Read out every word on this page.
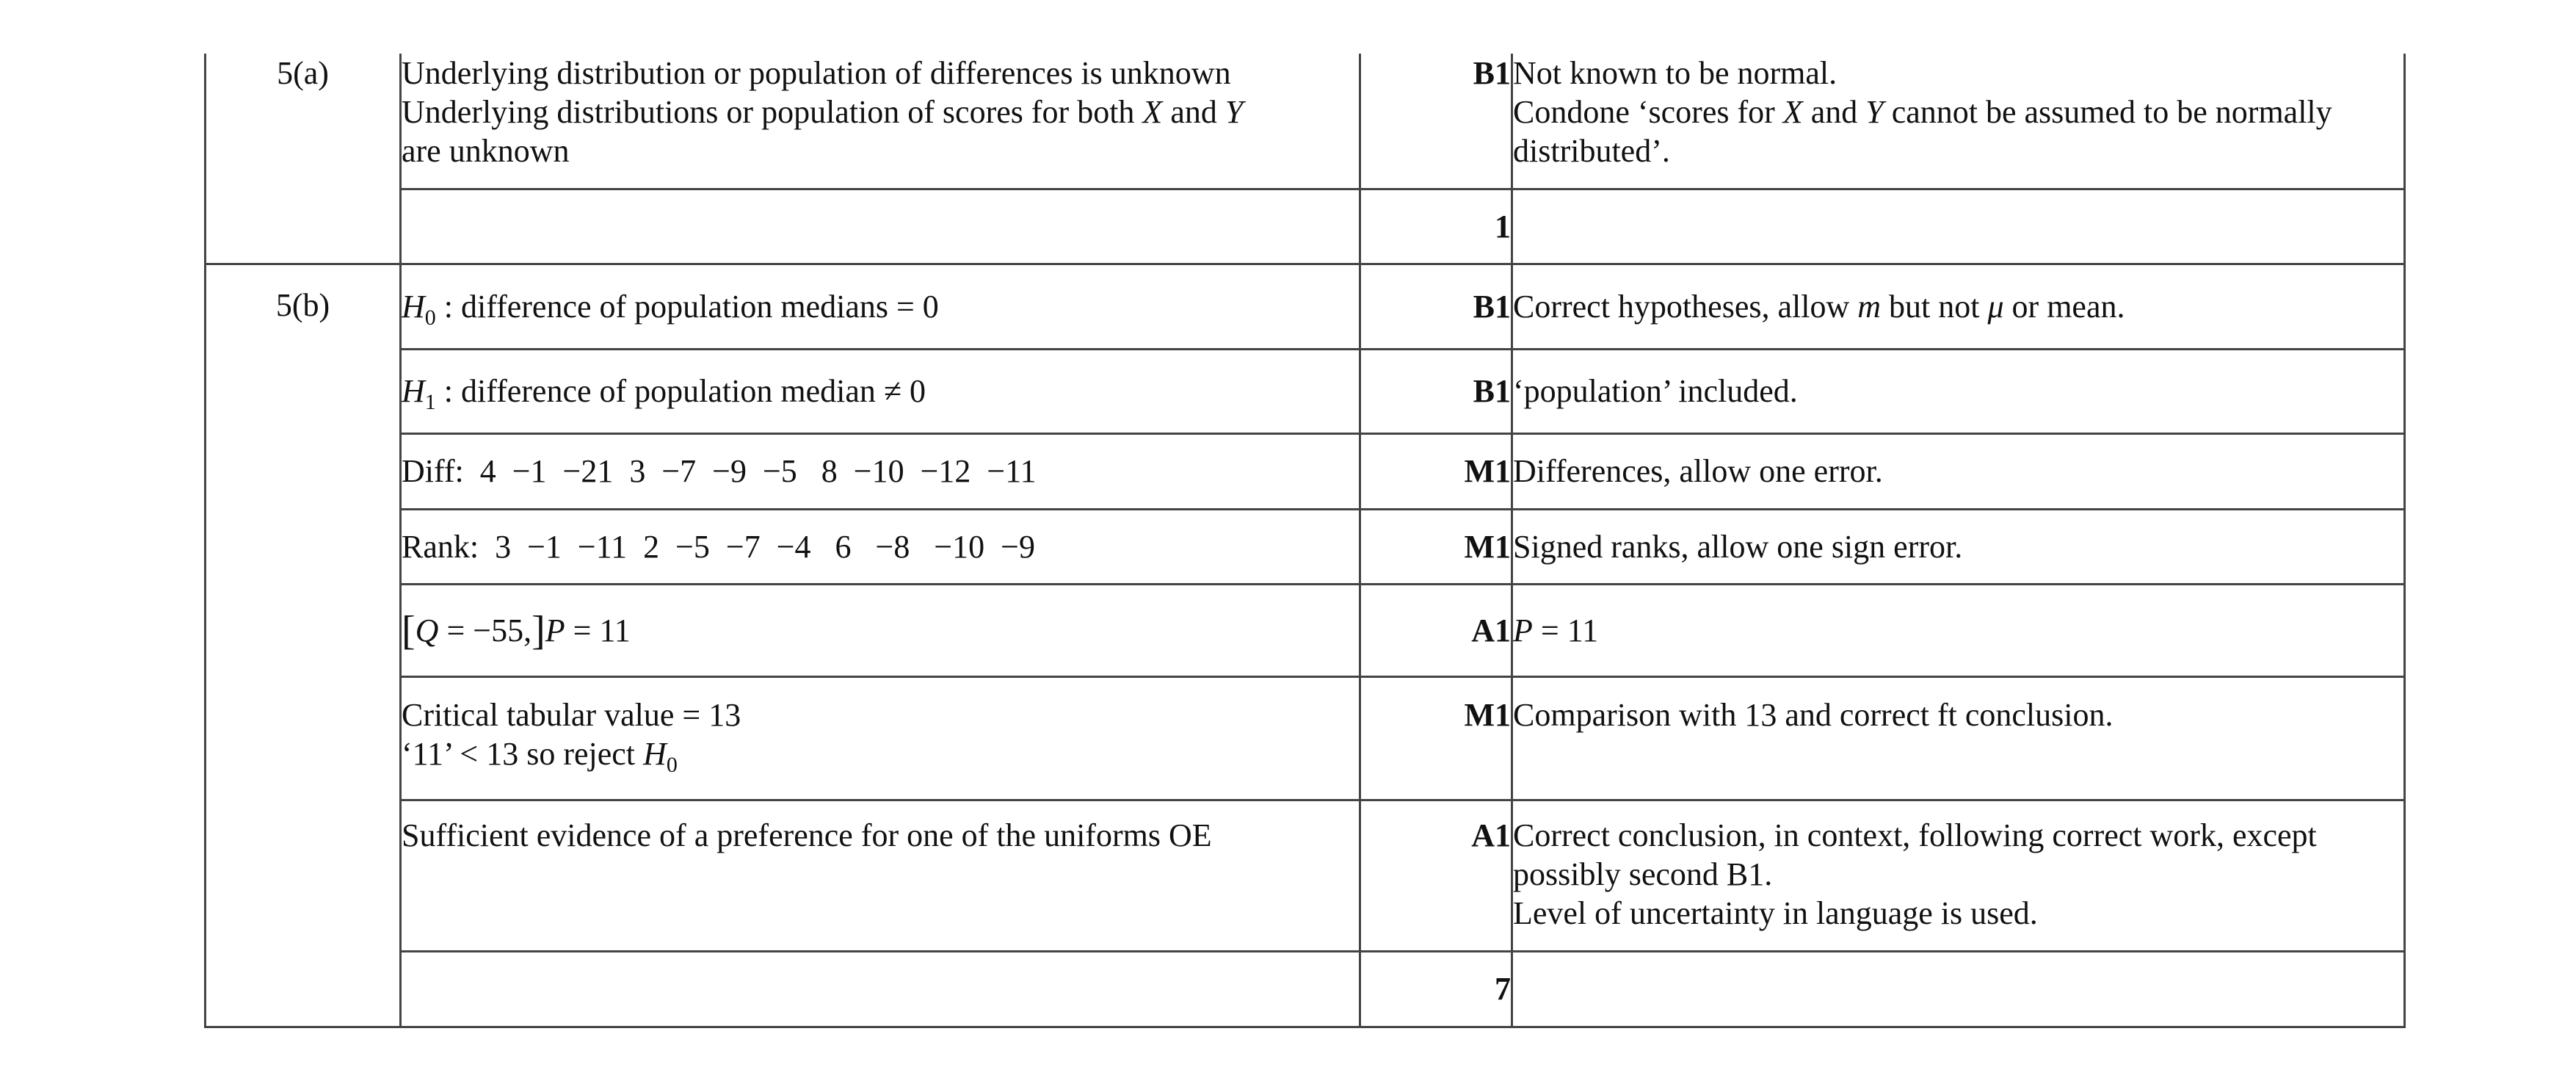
5(a)	Underlying distribution or population of differences is unknown
Underlying distributions or population of scores for both X and Y
are unknown	B1	Not known to be normal.
Condone ‘scores for X and Y cannot be assumed to be normally
distributed’.

		1	
5(b)	$H_0$ : difference of population medians = 0	B1	Correct hypotheses, allow m but not μ or mean.

	$H_1$ : difference of population median ≠ 0	B1	‘population’ included.

	Diff:  4  −1  −21  3  −7  −9  −5   8  −10  −12  −11	M1	Differences, allow one error.

	Rank:  3  −1  −11  2  −5  −7  −4   6   −8   −10  −9	M1	Signed ranks, allow one sign error.

	[Q = −55,]P = 11	A1	P = 11

	Critical tabular value = 13
‘11’ < 13 so reject $H_0$	M1	Comparison with 13 and correct ft conclusion.

	Sufficient evidence of a preference for one of the uniforms OE	A1	Correct conclusion, in context, following correct work, except
possibly second B1.
Level of uncertainty in language is used.

		7	
